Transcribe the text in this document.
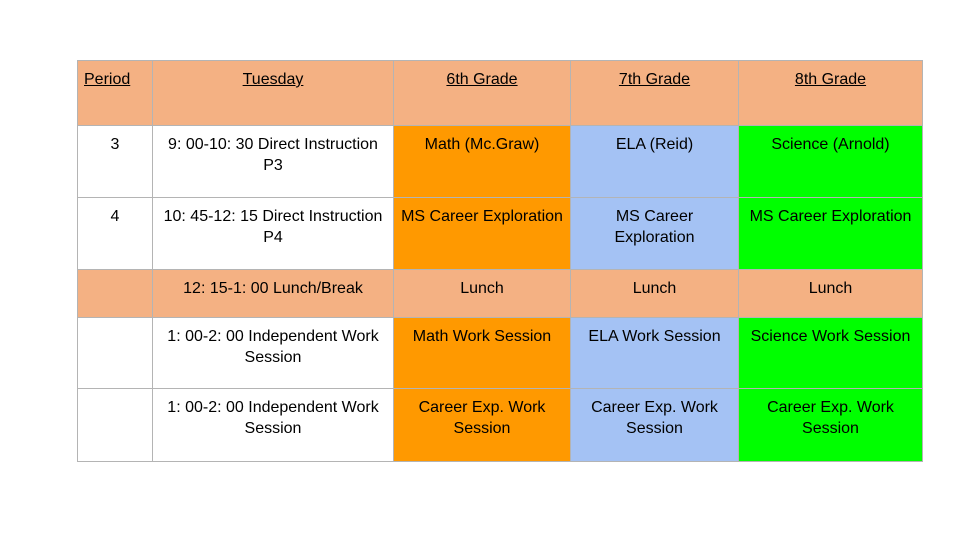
Period	Tuesday	6th Grade	7th Grade	8th Grade
3	9: 00-10: 30 Direct Instruction P3	Math (Mc.Graw)	ELA (Reid)	Science (Arnold)
4	10: 45-12: 15 Direct Instruction P4	MS Career Exploration	MS Career Exploration	MS Career Exploration
	12: 15-1: 00 Lunch/Break	Lunch	Lunch	Lunch
	1: 00-2: 00 Independent Work Session	Math Work Session	ELA Work Session	Science Work Session
	1: 00-2: 00 Independent Work Session	Career Exp. Work Session	Career Exp. Work Session	Career Exp. Work Session
